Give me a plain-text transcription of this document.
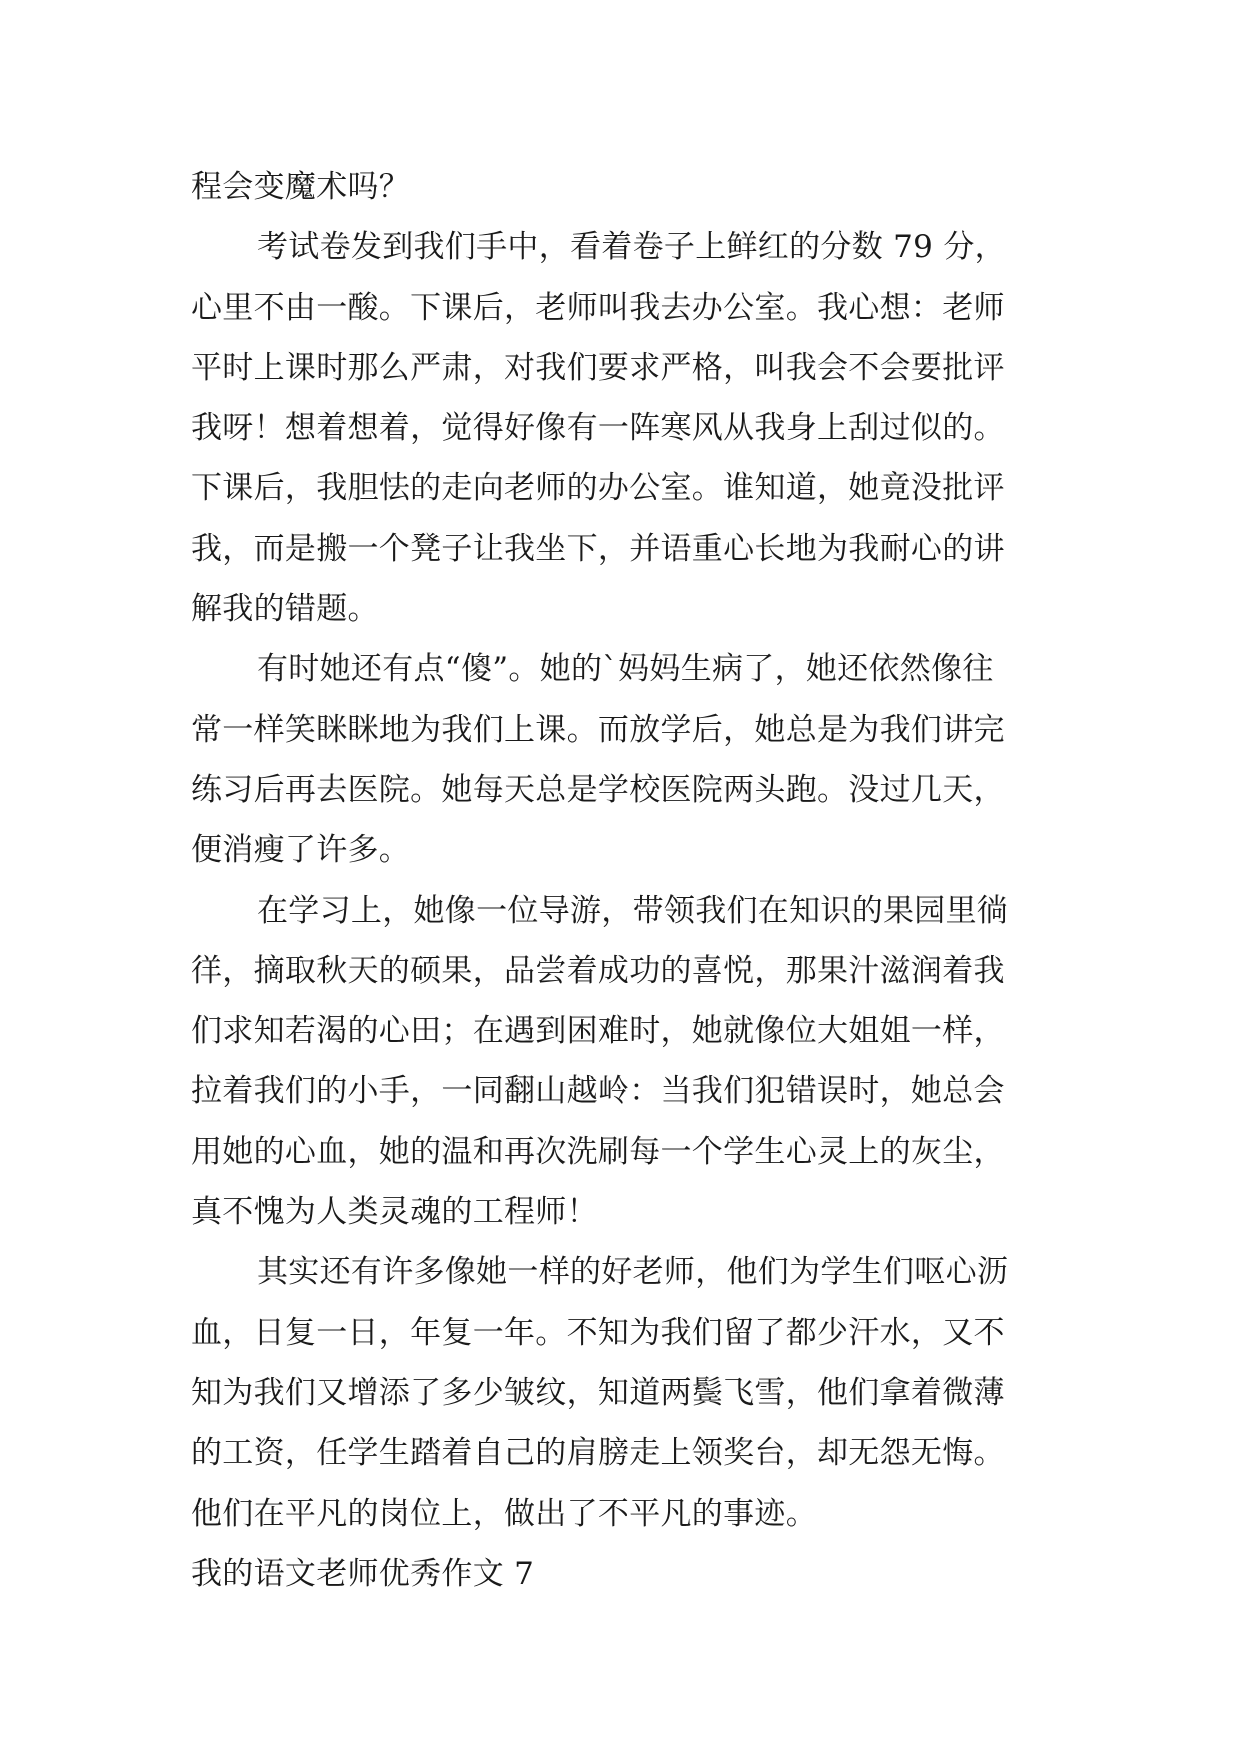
程会变魔术吗？
考试卷发到我们手中，看着卷子上鲜红的分数 79 分，
心里不由一酸。下课后，老师叫我去办公室。我心想：老师
平时上课时那么严肃，对我们要求严格，叫我会不会要批评
我呀！想着想着，觉得好像有一阵寒风从我身上刮过似的。
下课后，我胆怯的走向老师的办公室。谁知道，她竟没批评
我，而是搬一个凳子让我坐下，并语重心长地为我耐心的讲
解我的错题。
有时她还有点“傻”。她的`妈妈生病了，她还依然像往
常一样笑眯眯地为我们上课。而放学后，她总是为我们讲完
练习后再去医院。她每天总是学校医院两头跑。没过几天，
便消瘦了许多。
在学习上，她像一位导游，带领我们在知识的果园里徜
徉，摘取秋天的硕果，品尝着成功的喜悦，那果汁滋润着我
们求知若渴的心田；在遇到困难时，她就像位大姐姐一样，
拉着我们的小手，一同翻山越岭：当我们犯错误时，她总会
用她的心血，她的温和再次洗刷每一个学生心灵上的灰尘，
真不愧为人类灵魂的工程师！
其实还有许多像她一样的好老师，他们为学生们呕心沥
血，日复一日，年复一年。不知为我们留了都少汗水，又不
知为我们又增添了多少皱纹，知道两鬓飞雪，他们拿着微薄
的工资，任学生踏着自己的肩膀走上领奖台，却无怨无悔。
他们在平凡的岗位上，做出了不平凡的事迹。
我的语文老师优秀作文 7
